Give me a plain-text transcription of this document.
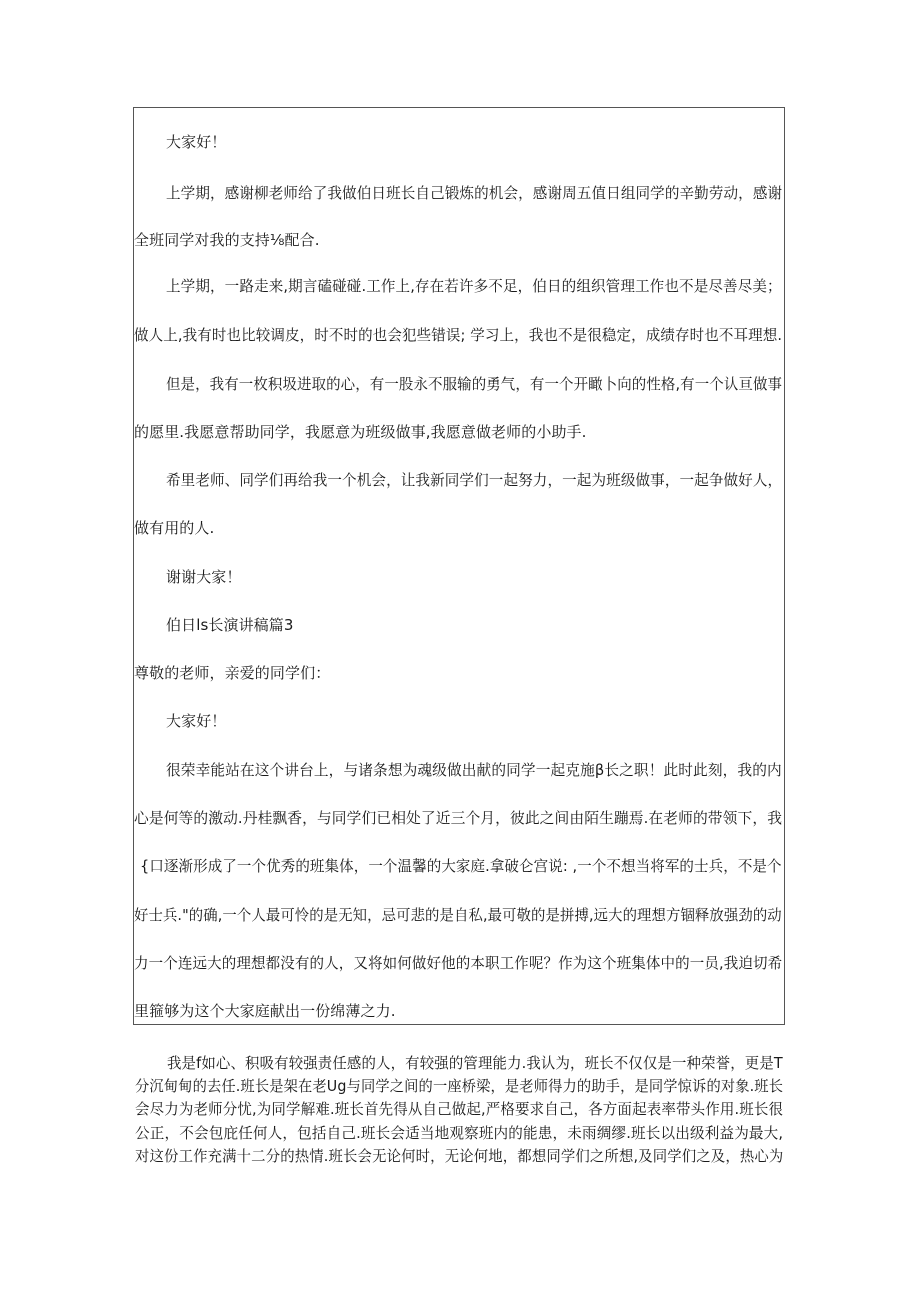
大家好！
上学期，感谢柳老师给了我做伯日班长自己锻炼的机会，感谢周五值日组同学的辛勤劳动，感谢
全班同学对我的支持⅛配合.
上学期，一路走来,期言磕碰碰.工作上,存在若许多不足，伯日的组织管理工作也不是尽善尽美；
做人上,我有时也比较调皮，时不时的也会犯些错误; 学习上，我也不是很稳定，成绩存时也不耳理想.
但是，我有一枚积圾进取的心，有一股永不服输的勇气，有一个开瞰卜向的性格,有一个认亘做事
的愿里.我愿意帮助同学，我愿意为班级做事,我愿意做老师的小助手.
希里老师、同学们再给我一个机会，让我新同学们一起努力，一起为班级做事，一起争做好人，
做有用的人.
谢谢大家！
伯日ls长演讲稿篇3
尊敬的老师，亲爱的同学们：
大家好！
很荣幸能站在这个讲台上，与诸条想为魂级做出献的同学一起克施β长之职！此时此刻，我的内
心是何等的激动.丹桂飘香，与同学们已相处了近三个月，彼此之间由陌生蹦焉.在老师的带领下，我
{口逐渐形成了一个优秀的班集体，一个温馨的大家庭.拿破仑宫说: ,一个不想当将军的士兵，不是个
好士兵."的确,一个人最可怜的是无知，忌可悲的是自私,最可敬的是拼搏,远大的理想方锢释放强劲的动
力一个连远大的理想都没有的人，又将如何做好他的本职工作呢？作为这个班集体中的一员,我迫切希
里箍够为这个大家庭献出一份绵薄之力.
我是f如心、积吸有较强责任感的人，有较强的管理能力.我认为，班长不仅仅是一种荣誉，更是T
分沉甸甸的去任.班长是架在老Ug与同学之间的一座桥梁，是老师得力的助手，是同学惊诉的对象.班长
会尽力为老师分忧,为同学解难.班长首先得从自己做起,严格要求自己，各方面起表率带头作用.班长很
公正，不会包庇任何人，包括自己.班长会适当地观察班内的能患，未雨绸缪.班长以出级利益为最大,
对这份工作充满十二分的热情.班长会无论何时，无论何地，都想同学们之所想,及同学们之及，热心为
